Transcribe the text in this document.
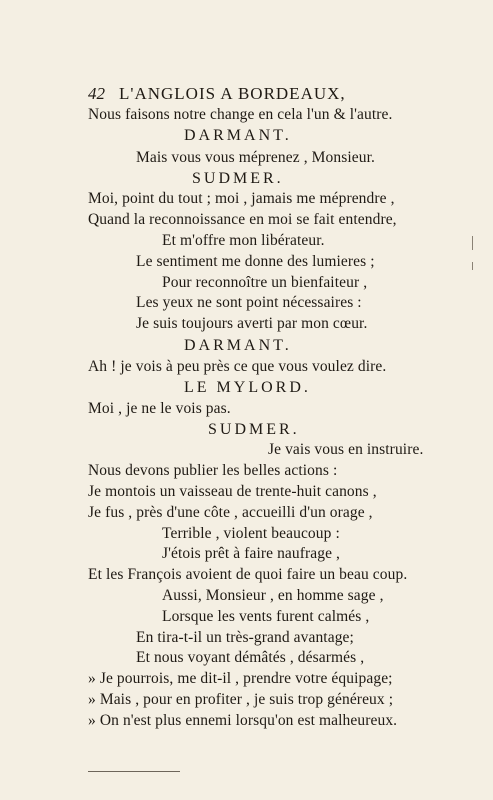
42 L'ANGLOIS A BORDEAUX,
Nous faisons notre change en cela l'un & l'autre.
DARMANT.
Mais vous vous méprenez , Monsieur.
SUDMER.
Moi, point du tout ; moi , jamais me méprendre ,
Quand la reconnoissance en moi se fait entendre,
Et m'offre mon libérateur.
Le sentiment me donne des lumieres ;
Pour reconnoître un bienfaiteur ,
Les yeux ne sont point nécessaires :
Je suis toujours averti par mon cœur.
DARMANT.
Ah ! je vois à peu près ce que vous voulez dire.
LE MYLORD.
Moi , je ne le vois pas.
SUDMER.
Je vais vous en instruire.
Nous devons publier les belles actions :
Je montois un vaisseau de trente-huit canons ,
Je fus , près d'une côte , accueilli d'un orage ,
Terrible , violent beaucoup :
J'étois prêt à faire naufrage ,
Et les François avoient de quoi faire un beau coup.
Aussi, Monsieur , en homme sage ,
Lorsque les vents furent calmés ,
En tira-t-il un très-grand avantage;
Et nous voyant démâtés , désarmés ,
» Je pourrois, me dit-il , prendre votre équipage;
» Mais , pour en profiter , je suis trop généreux ;
» On n'est plus ennemi lorsqu'on est malheureux.
